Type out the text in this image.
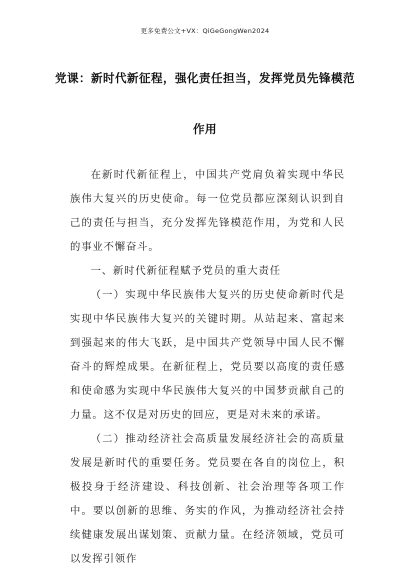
更多免费公文+VX：QiGeGongWen2024
党课：新时代新征程，强化责任担当，发挥党员先锋模范
作用

在新时代新征程上，中国共产党肩负着实现中华民族伟大复兴的历史使命。每一位党员都应深刻认识到自己的责任与担当，充分发挥先锋模范作用，为党和人民的事业不懈奋斗。

一、新时代新征程赋予党员的重大责任

（一）实现中华民族伟大复兴的历史使命新时代是实现中华民族伟大复兴的关键时期。从站起来、富起来到强起来的伟大飞跃，是中国共产党领导中国人民不懈奋斗的辉煌成果。在新征程上，党员要以高度的责任感和使命感为实现中华民族伟大复兴的中国梦贡献自己的力量。这不仅是对历史的回应，更是对未来的承诺。

（二）推动经济社会高质量发展经济社会的高质量发展是新时代的重要任务。党员要在各自的岗位上，积极投身于经济建设、科技创新、社会治理等各项工作中。要以创新的思维、务实的作风，为推动经济社会持续健康发展出谋划策、贡献力量。在经济领域，党员可以发挥引领作
